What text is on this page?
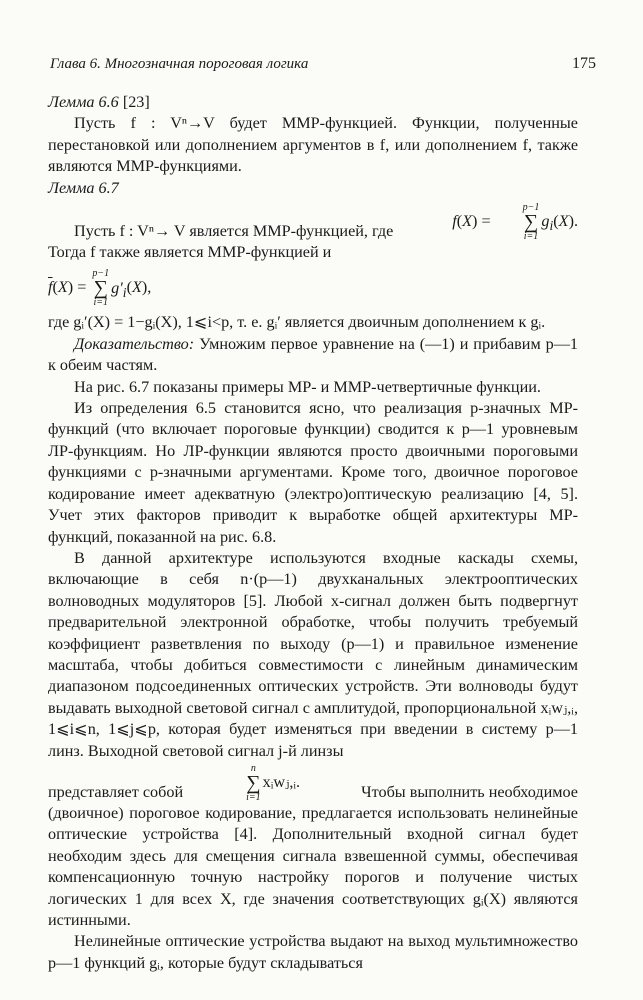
Глава 6. Многозначная пороговая логика	175

Лемма 6.6 [23]

Пусть f : Vⁿ→V будет ММР-функцией. Функции, полученные перестановкой или дополнением аргументов в f, или дополнением f, также являются ММР-функциями.

Лемма 6.7

Пусть f : Vⁿ→ V является ММР-функцией, где
f(X) =
p−1
∑
i=1
$g_i(X)$.

Тогда f также является ММР-функцией и

$\overline{f}(X)$ =
p−1
∑
i=1
$g'_i(X)$,

где gᵢ′(X) = 1−gᵢ(X), 1⩽i<p, т. е. gᵢ′ является двоичным дополнением к gᵢ.

Доказательство: Умножим первое уравнение на (—1) и прибавим p—1 к обеим частям.

На рис. 6.7 показаны примеры МР- и ММР-четвертичные функции.

Из определения 6.5 становится ясно, что реализация p-значных МР-функций (что включает пороговые функции) сводится к p—1 уровневым ЛР-функциям. Но ЛР-функции являются просто двоичными пороговыми функциями с p-значными аргументами. Кроме того, двоичное пороговое кодирование имеет адекватную (электро)оптическую реализацию [4, 5]. Учет этих факторов приводит к выработке общей архитектуры МР-функций, показанной на рис. 6.8.

В данной архитектуре используются входные каскады схемы, включающие в себя n·(p—1) двухканальных электрооптических волноводных модуляторов [5]. Любой x-сигнал должен быть подвергнут предварительной электронной обработке, чтобы получить требуемый коэффициент разветвления по выходу (p—1) и правильное изменение масштаба, чтобы добиться совместимости с линейным динамическим диапазоном подсоединенных оптических устройств. Эти волноводы будут выдавать выходной световой сигнал с амплитудой, пропорциональной xᵢwⱼ,ᵢ, 1⩽i⩽n, 1⩽j⩽p, которая будет изменяться при введении в систему p—1 линз. Выходной световой сигнал j-й линзы

представляет собой
n
∑
i=1
xᵢwⱼ,ᵢ.
Чтобы выполнить необходимое

(двоичное) пороговое кодирование, предлагается использовать нелинейные оптические устройства [4]. Дополнительный входной сигнал будет необходим здесь для смещения сигнала взвешенной суммы, обеспечивая компенсационную точную настройку порогов и получение чистых логических 1 для всех X, где значения соответствующих gᵢ(X) являются истинными.

Нелинейные оптические устройства выдают на выход мультимножество p—1 функций gᵢ, которые будут складываться
